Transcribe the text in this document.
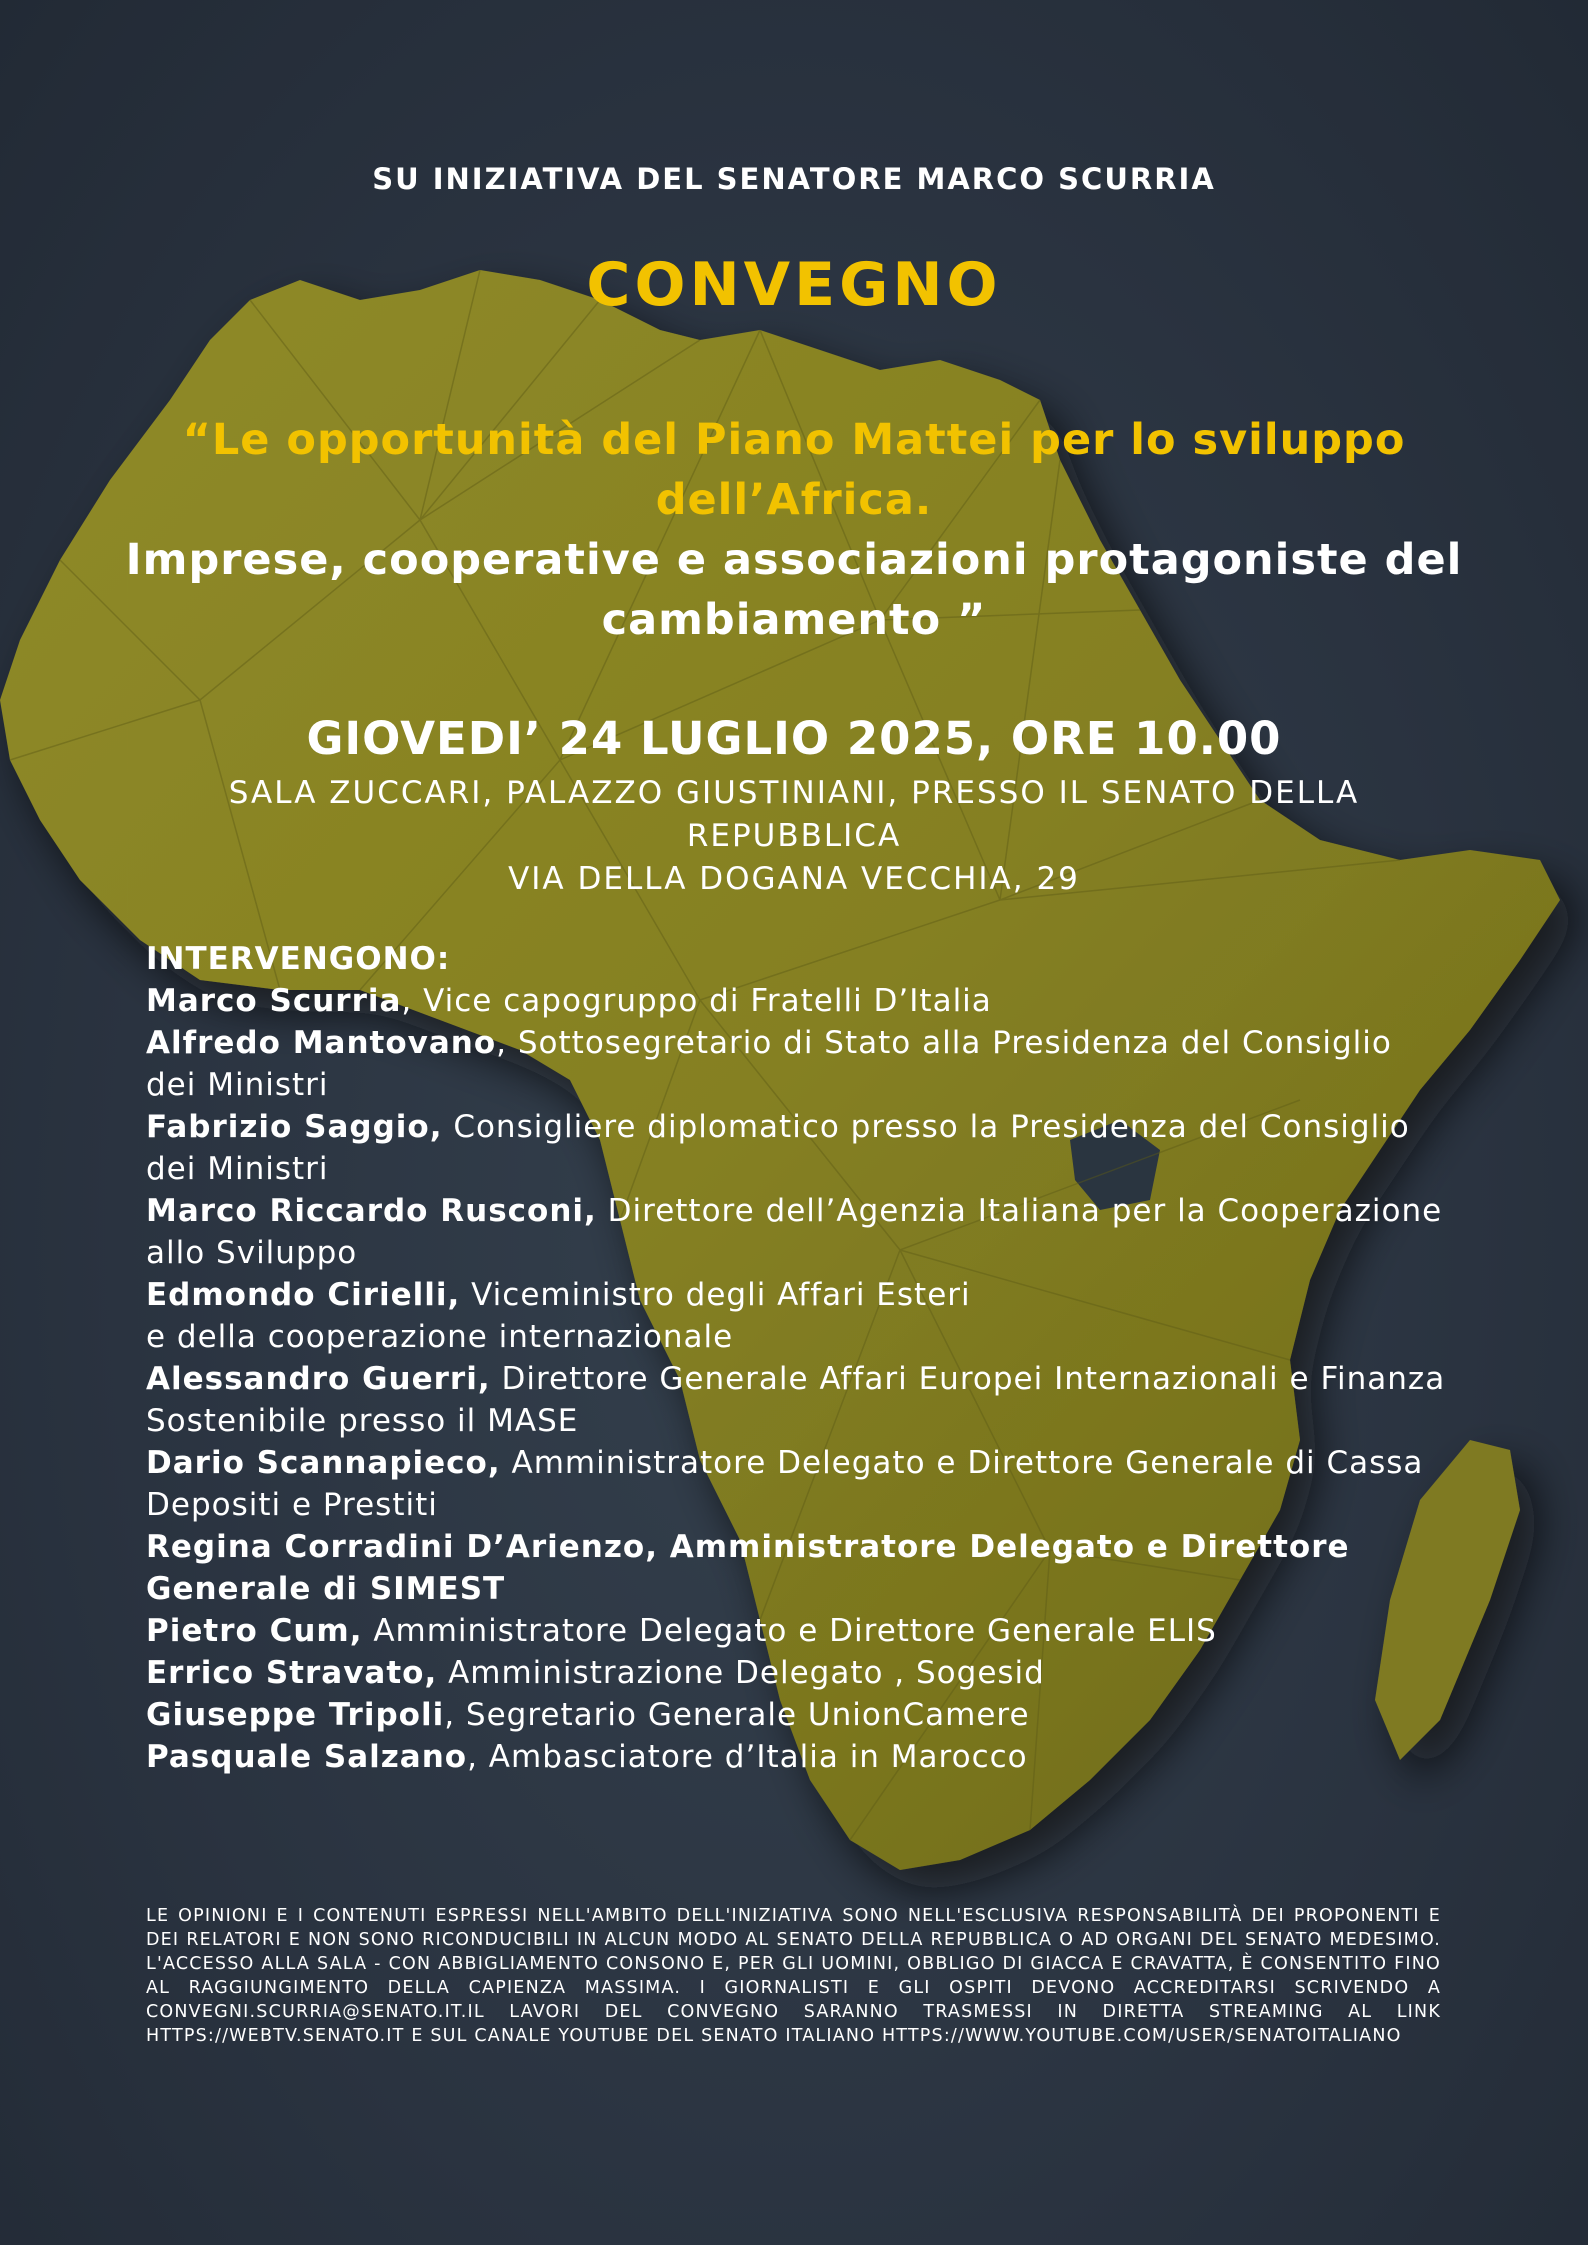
SU INIZIATIVA DEL SENATORE MARCO SCURRIA
CONVEGNO
“Le opportunità del Piano Mattei per lo sviluppo dell’Africa.
Imprese, cooperative e associazioni protagoniste del cambiamento ”
GIOVEDI’ 24 LUGLIO 2025, ORE 10.00
SALA ZUCCARI, PALAZZO GIUSTINIANI, PRESSO IL SENATO DELLA REPUBBLICA
VIA DELLA DOGANA VECCHIA, 29
INTERVENGONO:
Marco Scurria, Vice capogruppo di Fratelli D’Italia
Alfredo Mantovano, Sottosegretario di Stato alla Presidenza del Consiglio dei Ministri
Fabrizio Saggio, Consigliere diplomatico presso la Presidenza del Consiglio dei Ministri
Marco Riccardo Rusconi, Direttore dell’Agenzia Italiana per la Cooperazione allo Sviluppo
Edmondo Cirielli, Viceministro degli Affari Esteri
e della cooperazione internazionale
Alessandro Guerri, Direttore Generale Affari Europei Internazionali e Finanza Sostenibile presso il MASE
Dario Scannapieco, Amministratore Delegato e Direttore Generale di Cassa Depositi e Prestiti
Regina Corradini D’Arienzo, Amministratore Delegato e Direttore Generale di SIMEST
Pietro Cum, Amministratore Delegato e Direttore Generale ELIS
Errico Stravato, Amministrazione Delegato , Sogesid
Giuseppe Tripoli, Segretario Generale UnionCamere
Pasquale Salzano, Ambasciatore d’Italia in Marocco
LE OPINIONI E I CONTENUTI ESPRESSI NELL'AMBITO DELL'INIZIATIVA SONO NELL'ESCLUSIVA RESPONSABILITÀ DEI PROPONENTI E DEI RELATORI E NON SONO RICONDUCIBILI IN ALCUN MODO AL SENATO DELLA REPUBBLICA O AD ORGANI DEL SENATO MEDESIMO. L'ACCESSO ALLA SALA - CON ABBIGLIAMENTO CONSONO E, PER GLI UOMINI, OBBLIGO DI GIACCA E CRAVATTA, È CONSENTITO FINO AL RAGGIUNGIMENTO DELLA CAPIENZA MASSIMA. I GIORNALISTI E GLI OSPITI DEVONO ACCREDITARSI SCRIVENDO A CONVEGNI.SCURRIA@SENATO.IT.IL LAVORI DEL CONVEGNO SARANNO TRASMESSI IN DIRETTA STREAMING AL LINK HTTPS://WEBTV.SENATO.IT E SUL CANALE YOUTUBE DEL SENATO ITALIANO HTTPS://WWW.YOUTUBE.COM/USER/SENATOITALIANO
